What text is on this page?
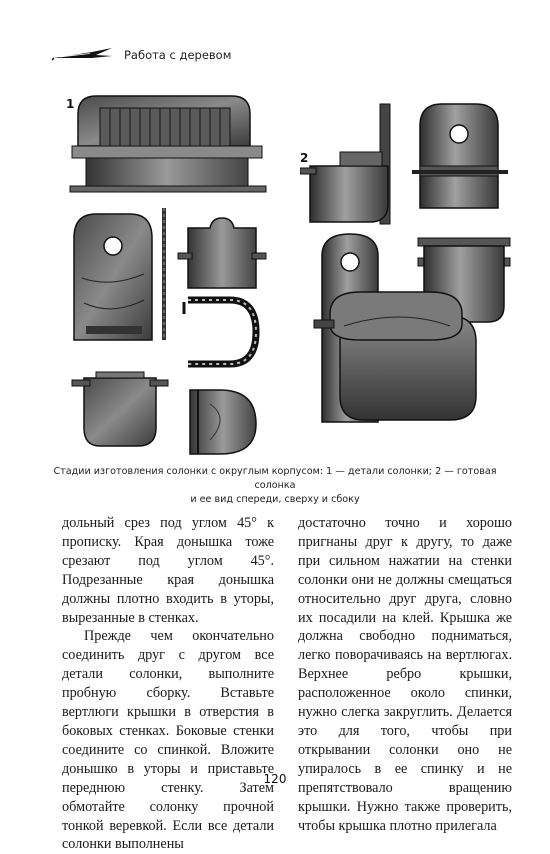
Работа с деревом
1
2
Стадии изготовления солонки с округлым корпусом: 1 — детали солонки; 2 — готовая солонка
и ее вид спереди, сверху и сбоку

дольный срез под углом 45° к прописку. Края донышка тоже срезают под углом 45°. Подрезанные края донышка должны плотно входить в уторы, вырезанные в стенках.

Прежде чем окончательно соединить друг с другом все детали солонки, выполните пробную сборку. Вставьте вертлюги крышки в отверстия в боковых стенках. Боковые стенки соедините со спинкой. Вложите донышко в уторы и приставьте переднюю стенку. Затем обмотайте солонку прочной тонкой веревкой. Если все детали солонки выполнены

достаточно точно и хорошо пригнаны друг к другу, то даже при сильном нажатии на стенки солонки они не должны смещаться относительно друг друга, словно их посадили на клей. Крышка же должна свободно подниматься, легко поворачиваясь на вертлюгах. Верхнее ребро крышки, расположенное около спинки, нужно слегка закруглить. Делается это для того, чтобы при открывании солонки оно не упиралось в ее спинку и не препятствовало вращению крышки. Нужно также проверить, чтобы крышка плотно прилегала

120
